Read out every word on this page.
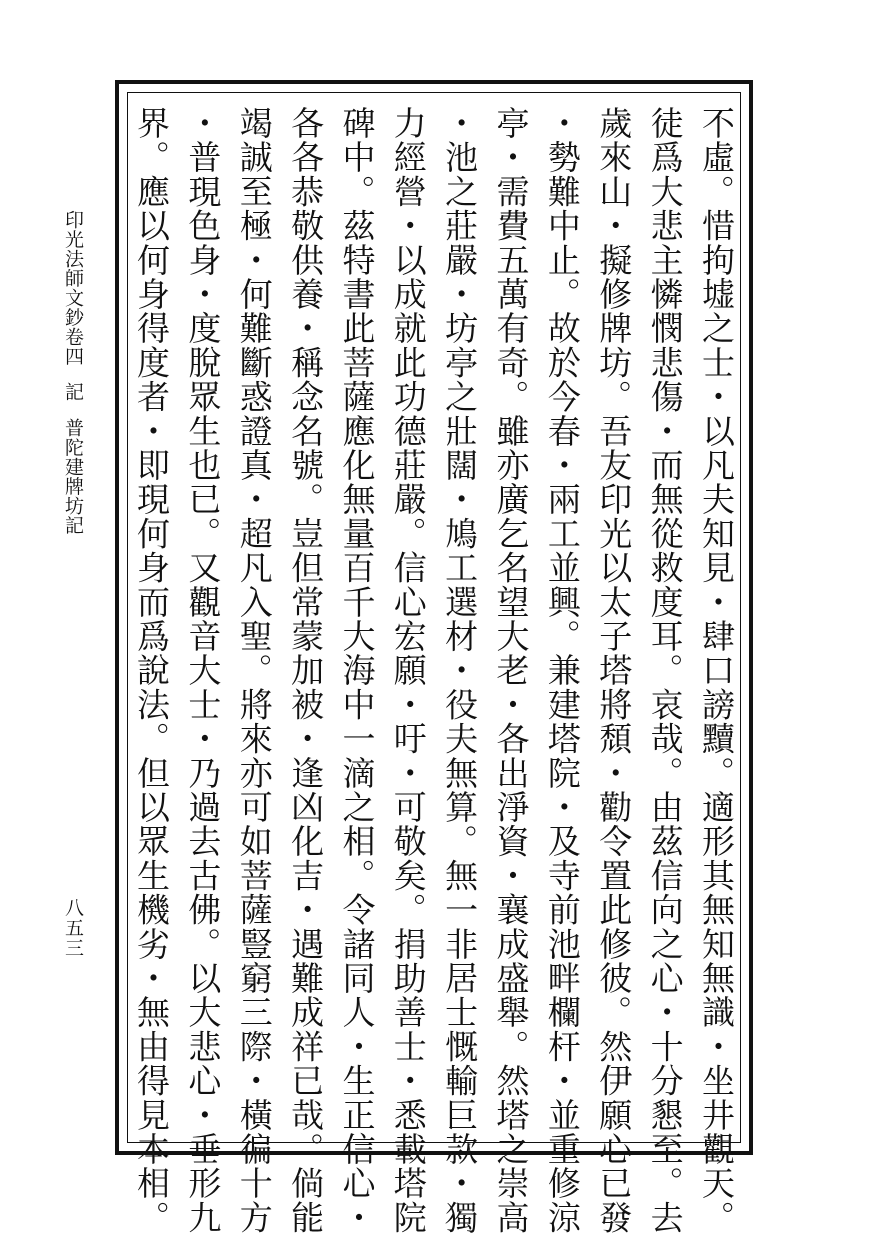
印光法師文鈔卷四
記
普陀建牌坊記
八五三	不虛。惜拘墟之士・以凡夫知見・肆口謗黷。適形其無知無識・坐井觀天。
徒爲大悲主憐憫悲傷・而無從救度耳。哀哉。由茲信向之心・十分懇至。去
歲來山・擬修牌坊。吾友印光以太子塔將頹・勸令置此修彼。然伊願心已發
・勢難中止。故於今春・兩工並興。兼建塔院・及寺前池畔欄杆・並重修涼
亭・需費五萬有奇。雖亦廣乞名望大老・各出淨資・襄成盛舉。然塔之崇高
・池之莊嚴・坊亭之壯闊・鳩工選材・役夫無算。無一非居士慨輸巨款・獨
力經營・以成就此功德莊嚴。信心宏願・吁・可敬矣。捐助善士・悉載塔院
碑中。茲特書此菩薩應化無量百千大海中一滴之相。令諸同人・生正信心・
各各恭敬供養・稱念名號。豈但常蒙加被・逢凶化吉・遇難成祥已哉。倘能
竭誠至極・何難斷惑證真・超凡入聖。將來亦可如菩薩豎窮三際・橫徧十方
・普現色身・度脫眾生也已。又觀音大士・乃過去古佛。以大悲心・垂形九
界。應以何身得度者・即現何身而爲說法。但以眾生機劣・無由得見本相。
